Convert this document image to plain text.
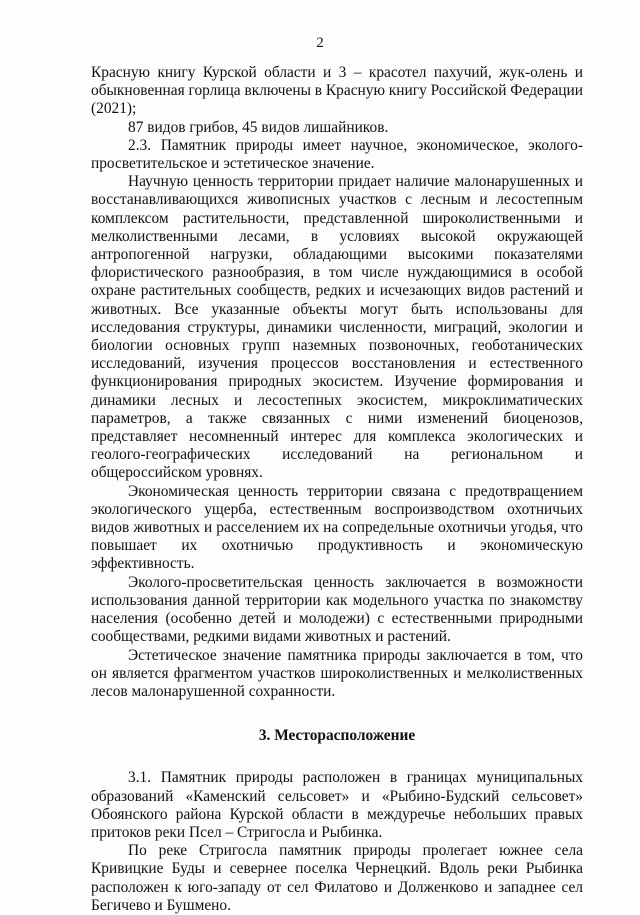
2

Красную книгу Курской области и 3 – красотел пахучий, жук-олень и обыкновенная горлица включены в Красную книгу Российской Федерации (2021);

87 видов грибов, 45 видов лишайников.

2.3. Памятник природы имеет научное, экономическое, эколого-просветительское и эстетическое значение.

Научную ценность территории придает наличие малонарушенных и восстанавливающихся живописных участков с лесным и лесостепным комплексом растительности, представленной широколиственными и мелколиственными лесами, в условиях высокой окружающей антропогенной нагрузки, обладающими высокими показателями флористического разнообразия, в том числе нуждающимися в особой охране растительных сообществ, редких и исчезающих видов растений и животных. Все указанные объекты могут быть использованы для исследования структуры, динамики численности, миграций, экологии и биологии основных групп наземных позвоночных, геоботанических исследований, изучения процессов восстановления и естественного функционирования природных экосистем. Изучение формирования и динамики лесных и лесостепных экосистем, микроклиматических параметров, а также связанных с ними изменений биоценозов, представляет несомненный интерес для комплекса экологических и геолого-географических исследований на региональном и общероссийском уровнях.

Экономическая ценность территории связана с предотвращением экологического ущерба, естественным воспроизводством охотничьих видов животных и расселением их на сопредельные охотничьи угодья, что повышает их охотничью продуктивность и экономическую эффективность.

Эколого-просветительская ценность заключается в возможности использования данной территории как модельного участка по знакомству населения (особенно детей и молодежи) с естественными природными сообществами, редкими видами животных и растений.

Эстетическое значение памятника природы заключается в том, что он является фрагментом участков широколиственных и мелколиственных лесов малонарушенной сохранности.

3. Месторасположение

3.1. Памятник природы расположен в границах муниципальных образований «Каменский сельсовет» и «Рыбино-Будский сельсовет» Обоянского района Курской области в междуречье небольших правых притоков реки Псел – Стригосла и Рыбинка.

По реке Стригосла памятник природы пролегает южнее села Кривицкие Буды и севернее поселка Чернецкий. Вдоль реки Рыбинка расположен к юго-западу от сел Филатово и Долженково и западнее сел Бегичево и Бушмено.
